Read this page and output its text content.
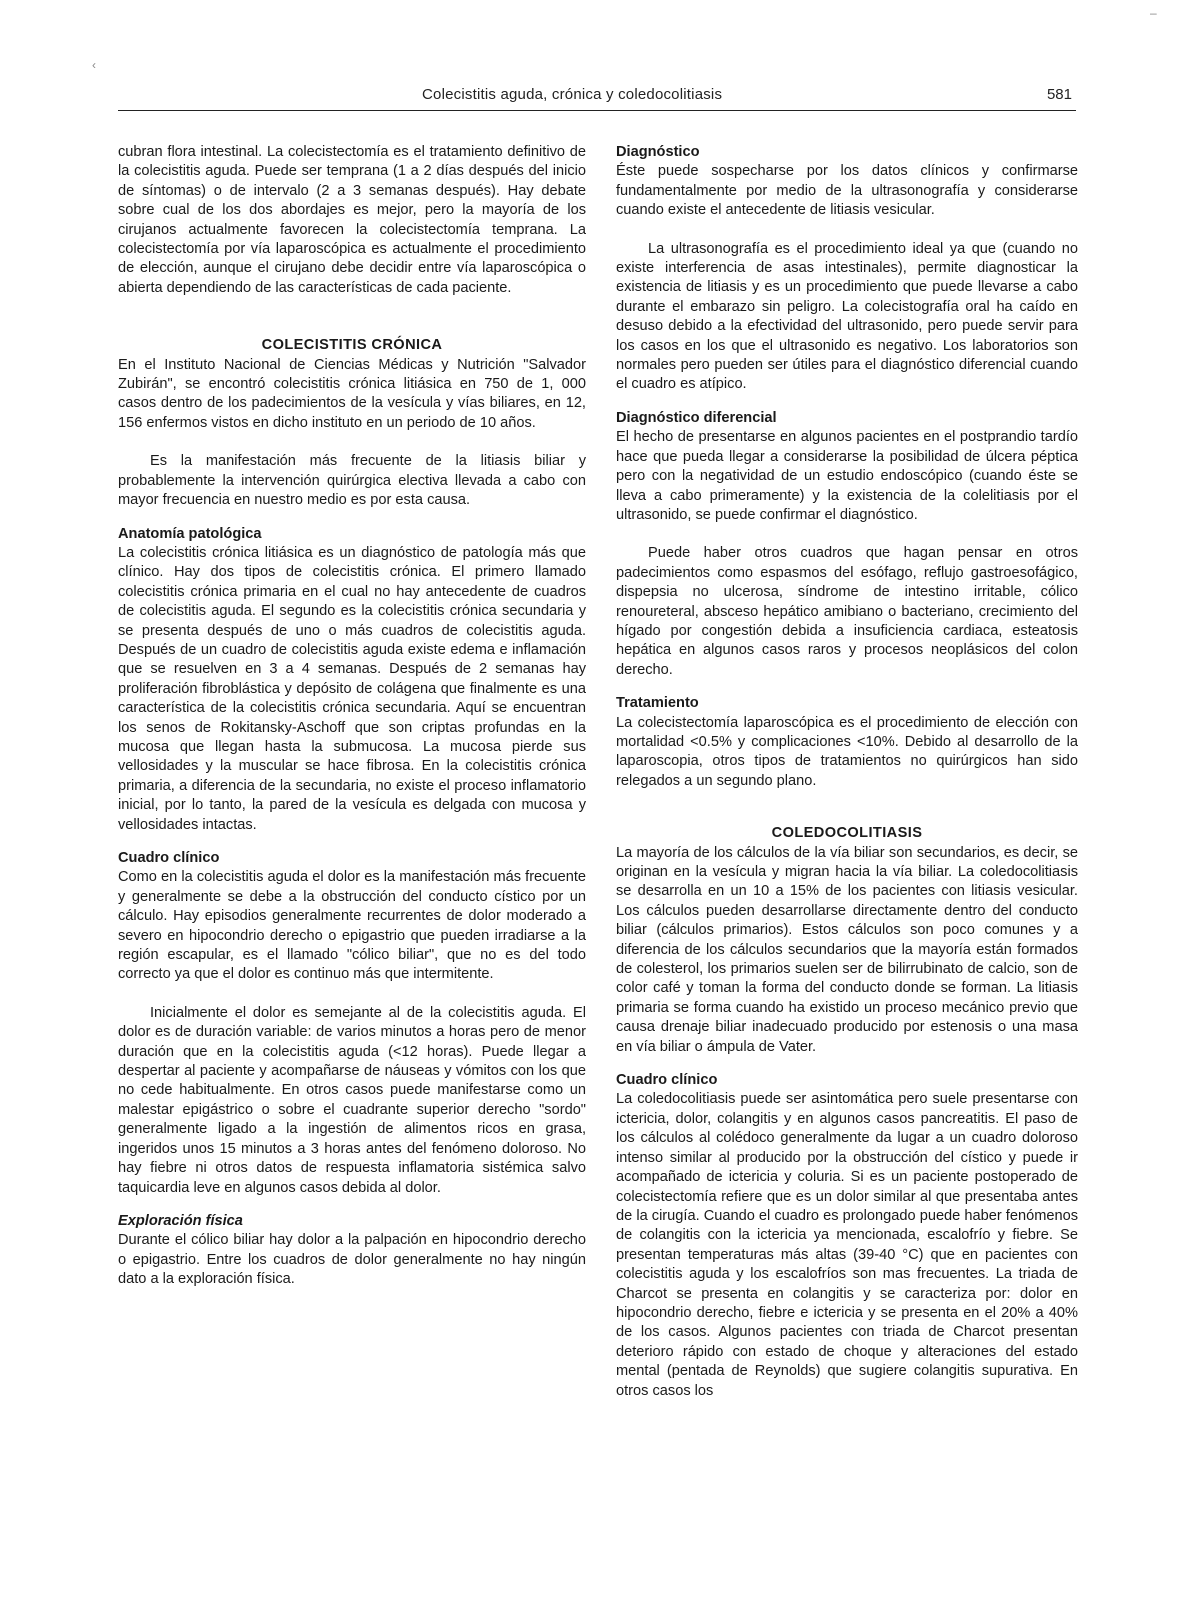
‹
–
Colecistitis aguda, crónica y coledocolitiasis	581

cubran flora intestinal. La colecistectomía es el tratamiento definitivo de la colecistitis aguda. Puede ser temprana (1 a 2 días después del inicio de síntomas) o de intervalo (2 a 3 semanas después). Hay debate sobre cual de los dos abordajes es mejor, pero la mayoría de los cirujanos actualmente favorecen la colecistectomía temprana. La colecistectomía por vía laparoscópica es actualmente el procedimiento de elección, aunque el cirujano debe decidir entre vía laparoscópica o abierta dependiendo de las características de cada paciente.

COLECISTITIS CRÓNICA

En el Instituto Nacional de Ciencias Médicas y Nutrición "Salvador Zubirán", se encontró colecistitis crónica litiásica en 750 de 1, 000 casos dentro de los padecimientos de la vesícula y vías biliares, en 12, 156 enfermos vistos en dicho instituto en un periodo de 10 años.

Es la manifestación más frecuente de la litiasis biliar y probablemente la intervención quirúrgica electiva llevada a cabo con mayor frecuencia en nuestro medio es por esta causa.

Anatomía patológica

La colecistitis crónica litiásica es un diagnóstico de patología más que clínico. Hay dos tipos de colecistitis crónica. El primero llamado colecistitis crónica primaria en el cual no hay antecedente de cuadros de colecistitis aguda. El segundo es la colecistitis crónica secundaria y se presenta después de uno o más cuadros de colecistitis aguda. Después de un cuadro de colecistitis aguda existe edema e inflamación que se resuelven en 3 a 4 semanas. Después de 2 semanas hay proliferación fibroblástica y depósito de colágena que finalmente es una característica de la colecistitis crónica secundaria. Aquí se encuentran los senos de Rokitansky-Aschoff que son criptas profundas en la mucosa que llegan hasta la submucosa. La mucosa pierde sus vellosidades y la muscular se hace fibrosa. En la colecistitis crónica primaria, a diferencia de la secundaria, no existe el proceso inflamatorio inicial, por lo tanto, la pared de la vesícula es delgada con mucosa y vellosidades intactas.

Cuadro clínico

Como en la colecistitis aguda el dolor es la manifestación más frecuente y generalmente se debe a la obstrucción del conducto cístico por un cálculo. Hay episodios generalmente recurrentes de dolor moderado a severo en hipocondrio derecho o epigastrio que pueden irradiarse a la región escapular, es el llamado "cólico biliar", que no es del todo correcto ya que el dolor es continuo más que intermitente.

Inicialmente el dolor es semejante al de la colecistitis aguda. El dolor es de duración variable: de varios minutos a horas pero de menor duración que en la colecistitis aguda (<12 horas). Puede llegar a despertar al paciente y acompañarse de náuseas y vómitos con los que no cede habitualmente. En otros casos puede manifestarse como un malestar epigástrico o sobre el cuadrante superior derecho "sordo" generalmente ligado a la ingestión de alimentos ricos en grasa, ingeridos unos 15 minutos a 3 horas antes del fenómeno doloroso. No hay fiebre ni otros datos de respuesta inflamatoria sistémica salvo taquicardia leve en algunos casos debida al dolor.

Exploración física

Durante el cólico biliar hay dolor a la palpación en hipocondrio derecho o epigastrio. Entre los cuadros de dolor generalmente no hay ningún dato a la exploración física.

Diagnóstico

Éste puede sospecharse por los datos clínicos y confirmarse fundamentalmente por medio de la ultrasonografía y considerarse cuando existe el antecedente de litiasis vesicular.

La ultrasonografía es el procedimiento ideal ya que (cuando no existe interferencia de asas intestinales), permite diagnosticar la existencia de litiasis y es un procedimiento que puede llevarse a cabo durante el embarazo sin peligro. La colecistografía oral ha caído en desuso debido a la efectividad del ultrasonido, pero puede servir para los casos en los que el ultrasonido es negativo. Los laboratorios son normales pero pueden ser útiles para el diagnóstico diferencial cuando el cuadro es atípico.

Diagnóstico diferencial

El hecho de presentarse en algunos pacientes en el postprandio tardío hace que pueda llegar a considerarse la posibilidad de úlcera péptica pero con la negatividad de un estudio endoscópico (cuando éste se lleva a cabo primeramente) y la existencia de la colelitiasis por el ultrasonido, se puede confirmar el diagnóstico.

Puede haber otros cuadros que hagan pensar en otros padecimientos como espasmos del esófago, reflujo gastroesofágico, dispepsia no ulcerosa, síndrome de intestino irritable, cólico renoureteral, absceso hepático amibiano o bacteriano, crecimiento del hígado por congestión debida a insuficiencia cardiaca, esteatosis hepática en algunos casos raros y procesos neoplásicos del colon derecho.

Tratamiento

La colecistectomía laparoscópica es el procedimiento de elección con mortalidad <0.5% y complicaciones <10%. Debido al desarrollo de la laparoscopia, otros tipos de tratamientos no quirúrgicos han sido relegados a un segundo plano.

COLEDOCOLITIASIS

La mayoría de los cálculos de la vía biliar son secundarios, es decir, se originan en la vesícula y migran hacia la vía biliar. La coledocolitiasis se desarrolla en un 10 a 15% de los pacientes con litiasis vesicular. Los cálculos pueden desarrollarse directamente dentro del conducto biliar (cálculos primarios). Estos cálculos son poco comunes y a diferencia de los cálculos secundarios que la mayoría están formados de colesterol, los primarios suelen ser de bilirrubinato de calcio, son de color café y toman la forma del conducto donde se forman. La litiasis primaria se forma cuando ha existido un proceso mecánico previo que causa drenaje biliar inadecuado producido por estenosis o una masa en vía biliar o ámpula de Vater.

Cuadro clínico

La coledocolitiasis puede ser asintomática pero suele presentarse con ictericia, dolor, colangitis y en algunos casos pancreatitis. El paso de los cálculos al colédoco generalmente da lugar a un cuadro doloroso intenso similar al producido por la obstrucción del cístico y puede ir acompañado de ictericia y coluria. Si es un paciente postoperado de colecistectomía refiere que es un dolor similar al que presentaba antes de la cirugía. Cuando el cuadro es prolongado puede haber fenómenos de colangitis con la ictericia ya mencionada, escalofrío y fiebre. Se presentan temperaturas más altas (39-40 °C) que en pacientes con colecistitis aguda y los escalofríos son mas frecuentes. La triada de Charcot se presenta en colangitis y se caracteriza por: dolor en hipocondrio derecho, fiebre e ictericia y se presenta en el 20% a 40% de los casos. Algunos pacientes con triada de Charcot presentan deterioro rápido con estado de choque y alteraciones del estado mental (pentada de Reynolds) que sugiere colangitis supurativa. En otros casos los
